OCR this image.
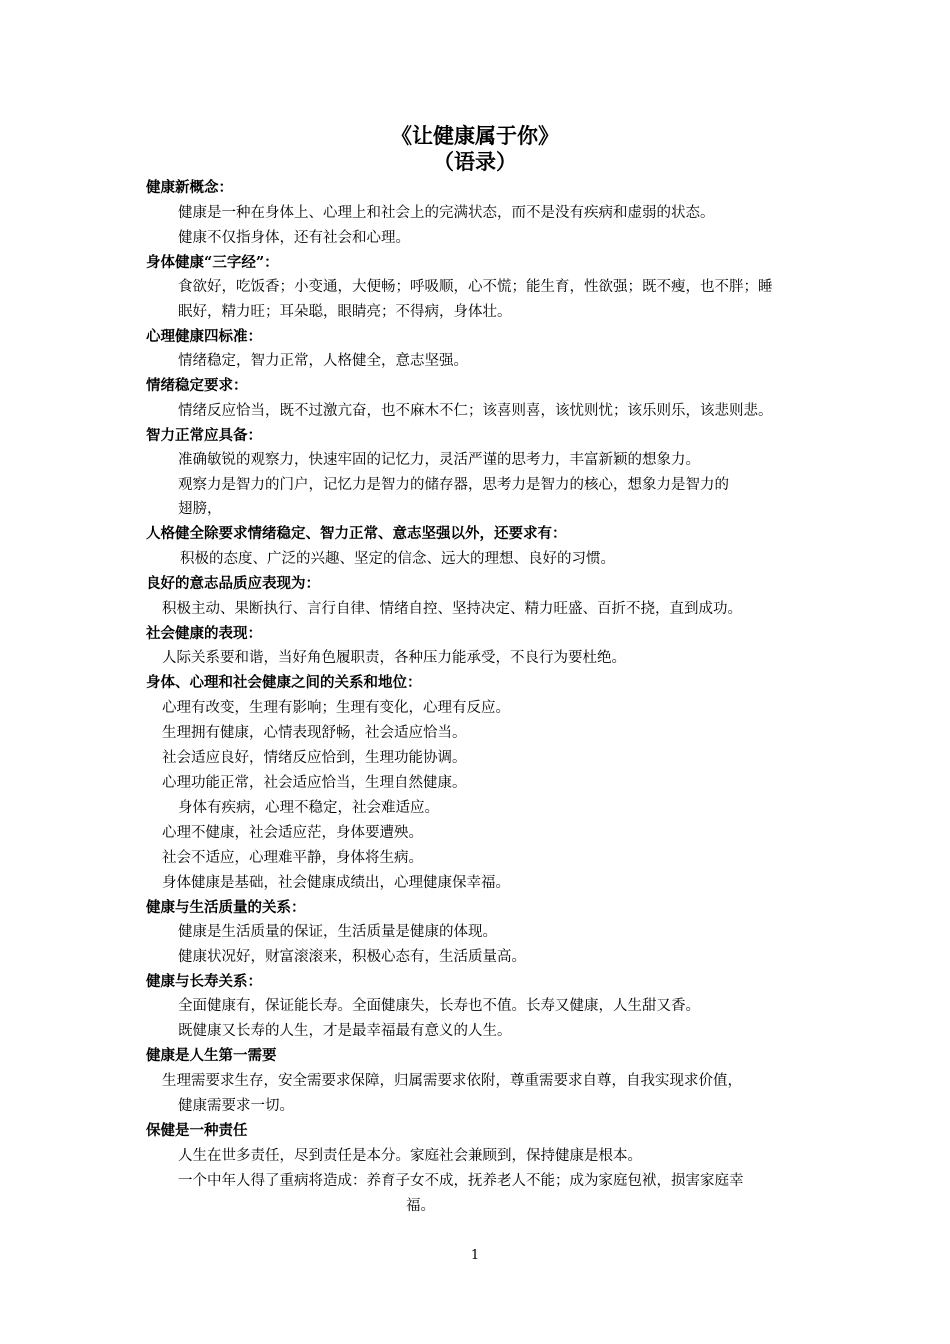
《让健康属于你》
（语录）
健康新概念：
健康是一种在身体上、心理上和社会上的完满状态，而不是没有疾病和虚弱的状态。
健康不仅指身体，还有社会和心理。
身体健康“三字经”：
食欲好，吃饭香；小变通，大便畅；呼吸顺，心不慌；能生育，性欲强；既不瘦，也不胖；睡
眠好，精力旺；耳朵聪，眼睛亮；不得病，身体壮。
心理健康四标准：
情绪稳定，智力正常，人格健全，意志坚强。
情绪稳定要求：
情绪反应恰当，既不过激亢奋，也不麻木不仁；该喜则喜，该忧则忧；该乐则乐，该悲则悲。
智力正常应具备：
准确敏锐的观察力，快速牢固的记忆力，灵活严谨的思考力，丰富新颖的想象力。
观察力是智力的门户，记忆力是智力的储存器，思考力是智力的核心，想象力是智力的
翅膀，
人格健全除要求情绪稳定、智力正常、意志坚强以外，还要求有：
积极的态度、广泛的兴趣、坚定的信念、远大的理想、良好的习惯。
良好的意志品质应表现为：
积极主动、果断执行、言行自律、情绪自控、坚持决定、精力旺盛、百折不挠，直到成功。
社会健康的表现：
人际关系要和谐，当好角色履职责，各种压力能承受，不良行为要杜绝。
身体、心理和社会健康之间的关系和地位：
心理有改变，生理有影响；生理有变化，心理有反应。
生理拥有健康，心情表现舒畅，社会适应恰当。
社会适应良好，情绪反应恰到，生理功能协调。
心理功能正常，社会适应恰当，生理自然健康。
身体有疾病，心理不稳定，社会难适应。
心理不健康，社会适应茫，身体要遭殃。
社会不适应，心理难平静，身体将生病。
身体健康是基础，社会健康成绩出，心理健康保幸福。
健康与生活质量的关系：
健康是生活质量的保证，生活质量是健康的体现。
健康状况好，财富滚滚来，积极心态有，生活质量高。
健康与长寿关系：
全面健康有，保证能长寿。全面健康失，长寿也不值。长寿又健康，人生甜又香。
既健康又长寿的人生，才是最幸福最有意义的人生。
健康是人生第一需要
生理需要求生存，安全需要求保障，归属需要求依附，尊重需要求自尊，自我实现求价值，
健康需要求一切。
保健是一种责任
人生在世多责任，尽到责任是本分。家庭社会兼顾到，保持健康是根本。
一个中年人得了重病将造成：养育子女不成，抚养老人不能；成为家庭包袱，损害家庭幸
福。
1
